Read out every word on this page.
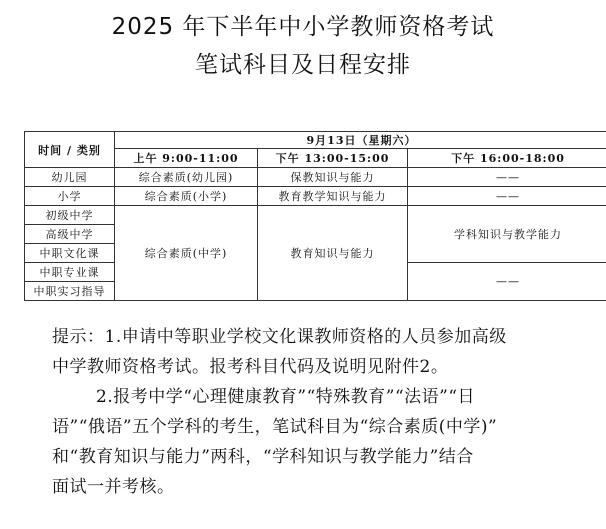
2025 年下半年中小学教师资格考试
笔试科目及日程安排
时间 / 类别	9月13日（星期六）		
	上午 9:00-11:00	下午 13:00-15:00	下午 16:00-18:00
幼儿园	综合素质(幼儿园)	保教知识与能力	——
小学	综合素质(小学)	教育教学知识与能力	——
初级中学	综合素质(中学)	教育知识与能力	学科知识与教学能力
高级中学			
中职文化课			
中职专业课			——
中职实习指导			

提示：1.申请中等职业学校文化课教师资格的人员参加高级

中学教师资格考试。报考科目代码及说明见附件2。

2.报考中学“心理健康教育”“特殊教育”“法语”“日

语”“俄语”五个学科的考生，笔试科目为“综合素质(中学)”

和“教育知识与能力”两科，“学科知识与教学能力”结合

面试一并考核。
